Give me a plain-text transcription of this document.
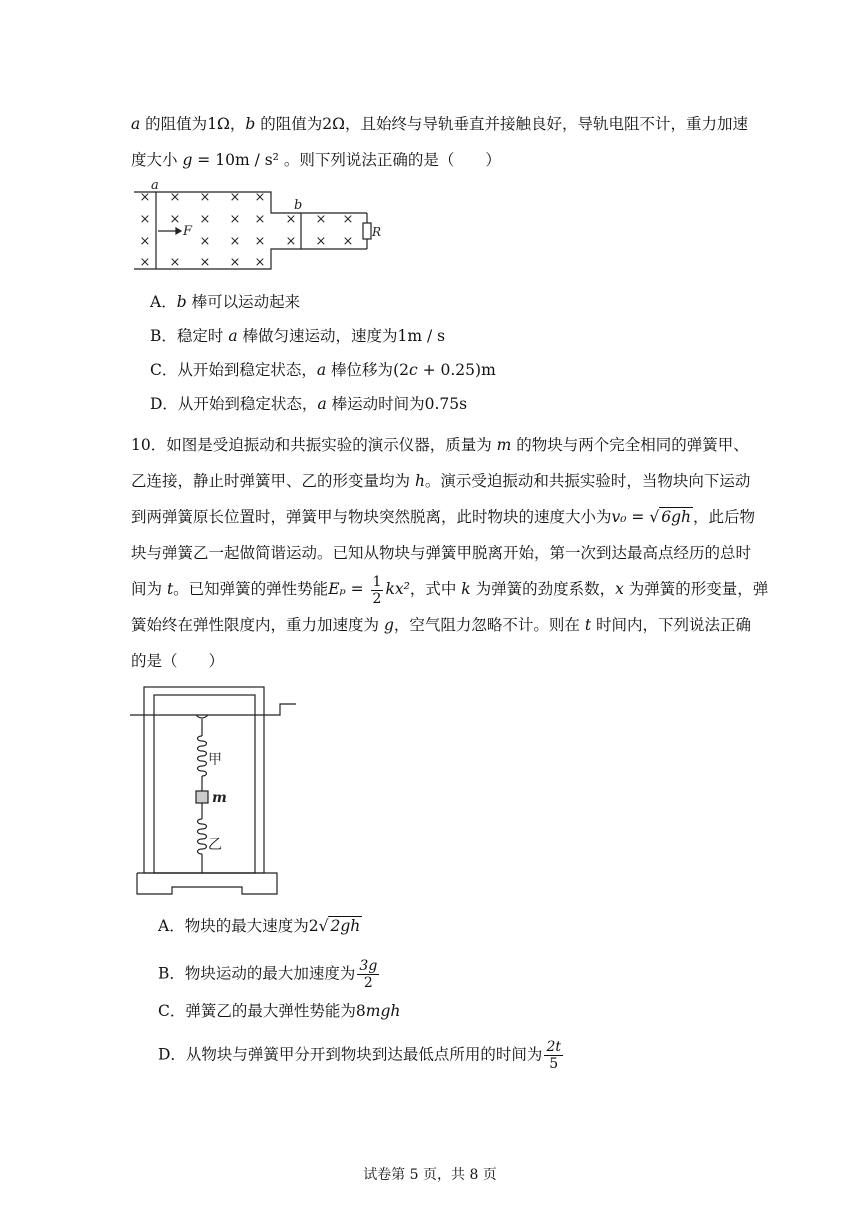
a 的阻值为1Ω，b 的阻值为2Ω，且始终与导轨垂直并接触良好，导轨电阻不计，重力加速
度大小 g = 10m / s² 。则下列说法正确的是（　　）
×
×
×
×
× × × ×
× × × ×
× × ×
× × × ×
× × ×
× × ×
a
b
F	R
A．b 棒可以运动起来
B．稳定时 a 棒做匀速运动，速度为1m / s
C．从开始到稳定状态，a 棒位移为(2c + 0.25)m
D．从开始到稳定状态，a 棒运动时间为0.75s
10．如图是受迫振动和共振实验的演示仪器，质量为 m 的物块与两个完全相同的弹簧甲、
乙连接，静止时弹簧甲、乙的形变量均为 h。演示受迫振动和共振实验时，当物块向下运动
到两弹簧原长位置时，弹簧甲与物块突然脱离，此时物块的速度大小为v₀ = √ 6gh ，此后物
块与弹簧乙一起做简谐运动。已知从物块与弹簧甲脱离开始，第一次到达最高点经历的总时
间为 t。已知弹簧的弹性势能$E_p = \frac{1}{2} kx^2$，式中 k 为弹簧的劲度系数，x 为弹簧的形变量，弹
簧始终在弹性限度内，重力加速度为 g，空气阻力忽略不计。则在 t 时间内，下列说法正确
的是（　　）
甲
m
乙
A．物块的最大速度为2√ 2gh
B．物块运动的最大加速度为 $\frac{3g}{2}$
C．弹簧乙的最大弹性势能为8mgh
D．从物块与弹簧甲分开到物块到达最低点所用的时间为 $\frac{2t}{5}$
试卷第 5 页，共 8 页
